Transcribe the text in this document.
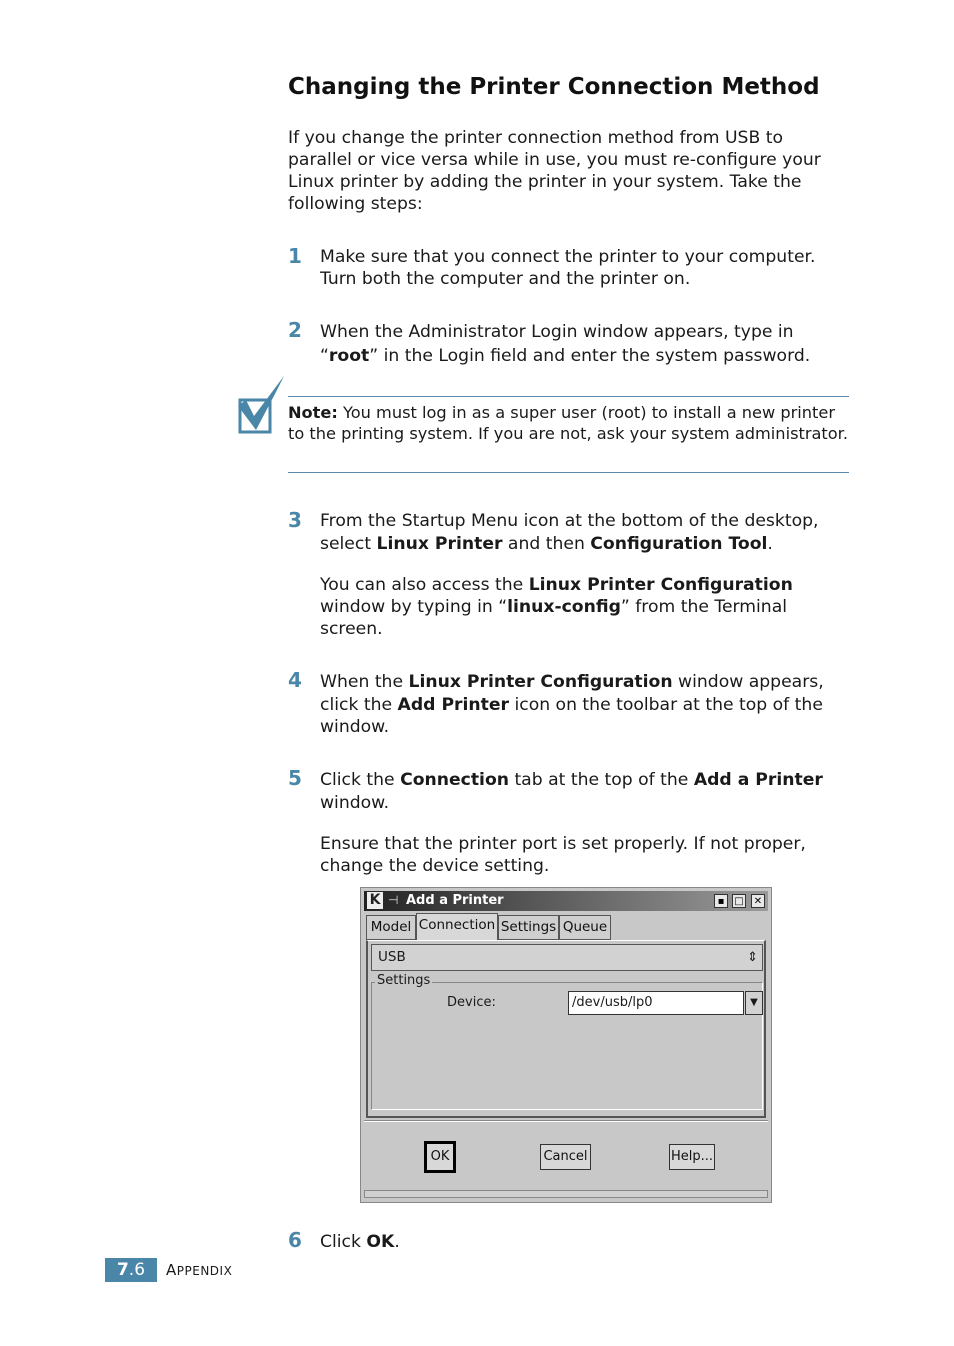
Changing the Printer Connection Method
If you change the printer connection method from USB to parallel or vice versa while in use, you must re-configure your Linux printer by adding the printer in your system. Take the following steps:
1 Make sure that you connect the printer to your computer.
Turn both the computer and the printer on.
2 When the Administrator Login window appears, type in
“root” in the Login field and enter the system password.
Note: You must log in as a super user (root) to install a new printer to the printing system. If you are not, ask your system administrator.
3 From the Startup Menu icon at the bottom of the desktop,
select Linux Printer and then Configuration Tool.
You can also access the Linux Printer Configuration
window by typing in “linux-config” from the Terminal
screen.
4 When the Linux Printer Configuration window appears,
click the Add Printer icon on the toolbar at the top of the
window.
5 Click the Connection tab at the top of the Add a Printer
window.
Ensure that the printer port is set properly. If not proper,
change the device setting.
K ⊣ Add a Printer	▪ □ ✕
Model Connection Settings Queue
USB	⇕
Settings
Device:	/dev/usb/lp0	▼
OK	Cancel	Help...
6 Click OK.
7.6	APPENDIX
